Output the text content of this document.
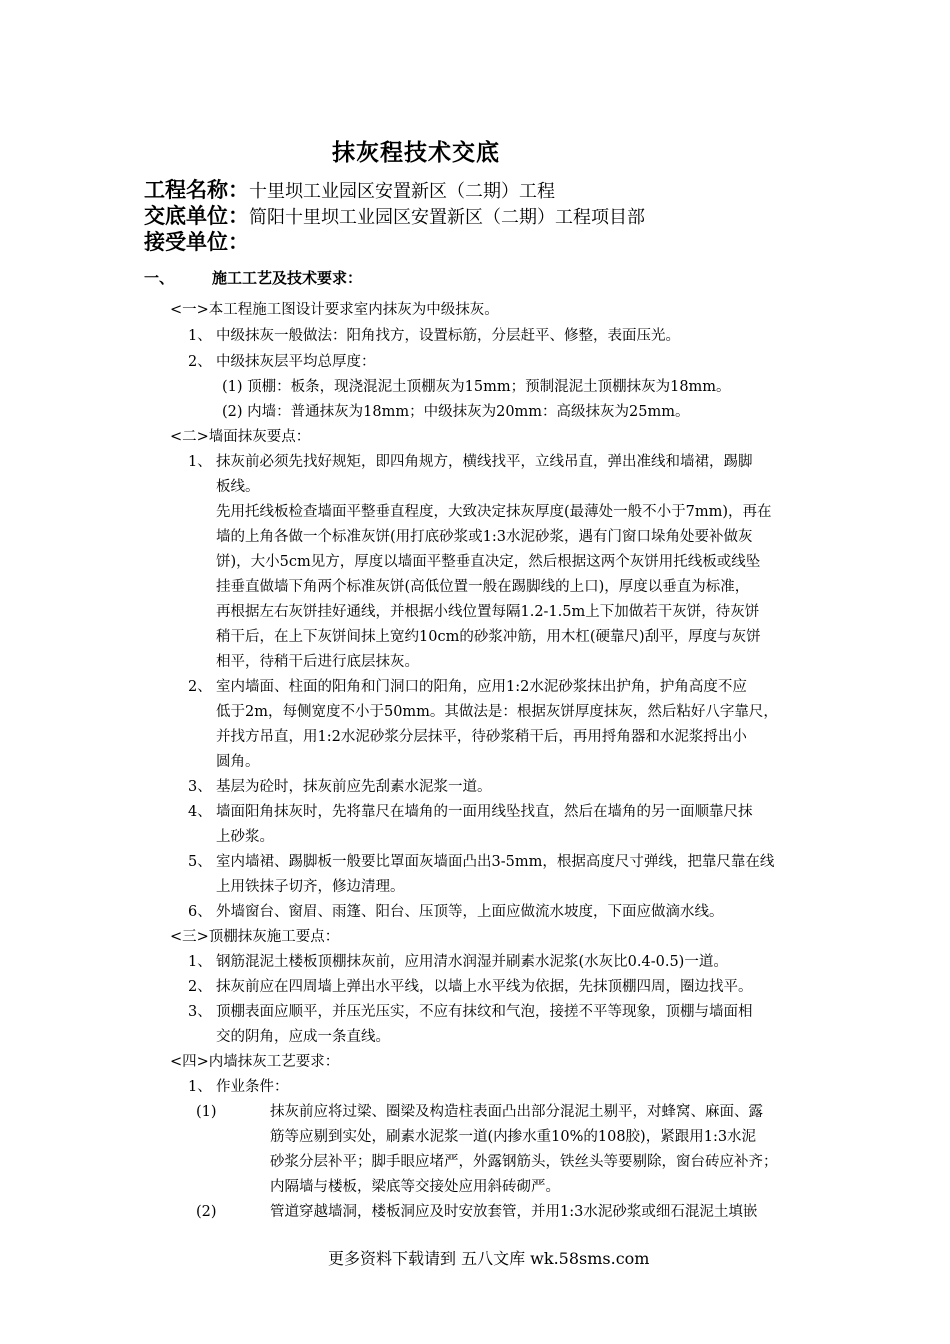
抹灰程技术交底
工程名称：十里坝工业园区安置新区（二期）工程
交底单位：简阳十里坝工业园区安置新区（二期）工程项目部
接受单位：
一、	施工工艺及技术要求：
<一>本工程施工图设计要求室内抹灰为中级抹灰。
1、 中级抹灰一般做法：阳角找方，设置标筋，分层赶平、修整，表面压光。
2、 中级抹灰层平均总厚度：
(1) 顶棚：板条，现浇混泥土顶棚灰为15mm；预制混泥土顶棚抹灰为18mm。
(2) 内墙：普通抹灰为18mm；中级抹灰为20mm：高级抹灰为25mm。
<二>墙面抹灰要点：
1、 抹灰前必须先找好规矩，即四角规方，横线找平，立线吊直，弹出准线和墙裙，踢脚
板线。
先用托线板检查墙面平整垂直程度，大致决定抹灰厚度(最薄处一般不小于7mm)，再在
墙的上角各做一个标准灰饼(用打底砂浆或1:3水泥砂浆，遇有门窗口垛角处要补做灰
饼)，大小5cm见方，厚度以墙面平整垂直决定，然后根据这两个灰饼用托线板或线坠
挂垂直做墙下角两个标准灰饼(高低位置一般在踢脚线的上口)，厚度以垂直为标准，
再根据左右灰饼挂好通线，并根据小线位置每隔1.2-1.5m上下加做若干灰饼，待灰饼
稍干后，在上下灰饼间抹上宽约10cm的砂浆冲筋，用木杠(硬靠尺)刮平，厚度与灰饼
相平，待稍干后进行底层抹灰。
2、 室内墙面、柱面的阳角和门洞口的阳角，应用1:2水泥砂浆抹出护角，护角高度不应
低于2m，每侧宽度不小于50mm。其做法是：根据灰饼厚度抹灰，然后粘好八字靠尺，
并找方吊直，用1:2水泥砂浆分层抹平，待砂浆稍干后，再用捋角器和水泥浆捋出小
圆角。
3、 基层为砼时，抹灰前应先刮素水泥浆一道。
4、 墙面阳角抹灰时，先将靠尺在墙角的一面用线坠找直，然后在墙角的另一面顺靠尺抹
上砂浆。
5、 室内墙裙、踢脚板一般要比罩面灰墙面凸出3-5mm，根据高度尺寸弹线，把靠尺靠在线
上用铁抹子切齐，修边清理。
6、 外墙窗台、窗眉、雨篷、阳台、压顶等，上面应做流水坡度，下面应做滴水线。
<三>顶棚抹灰施工要点：
1、 钢筋混泥土楼板顶棚抹灰前，应用清水润湿并刷素水泥浆(水灰比0.4-0.5)一道。
2、 抹灰前应在四周墙上弹出水平线，以墙上水平线为依据，先抹顶棚四周，圈边找平。
3、 顶棚表面应顺平，并压光压实，不应有抹纹和气泡，接搓不平等现象，顶棚与墙面相
交的阴角，应成一条直线。
<四>内墙抹灰工艺要求：
1、 作业条件：
(1)	抹灰前应将过梁、圈梁及构造柱表面凸出部分混泥土剔平，对蜂窝、麻面、露
筋等应剔到实处，刷素水泥浆一道(内掺水重10%的108胶)，紧跟用1:3水泥
砂浆分层补平；脚手眼应堵严，外露钢筋头，铁丝头等要剔除，窗台砖应补齐；
内隔墙与楼板，梁底等交接处应用斜砖砌严。
(2)	管道穿越墙洞，楼板洞应及时安放套管，并用1:3水泥砂浆或细石混泥土填嵌
更多资料下载请到 五八文库 wk.58sms.com
